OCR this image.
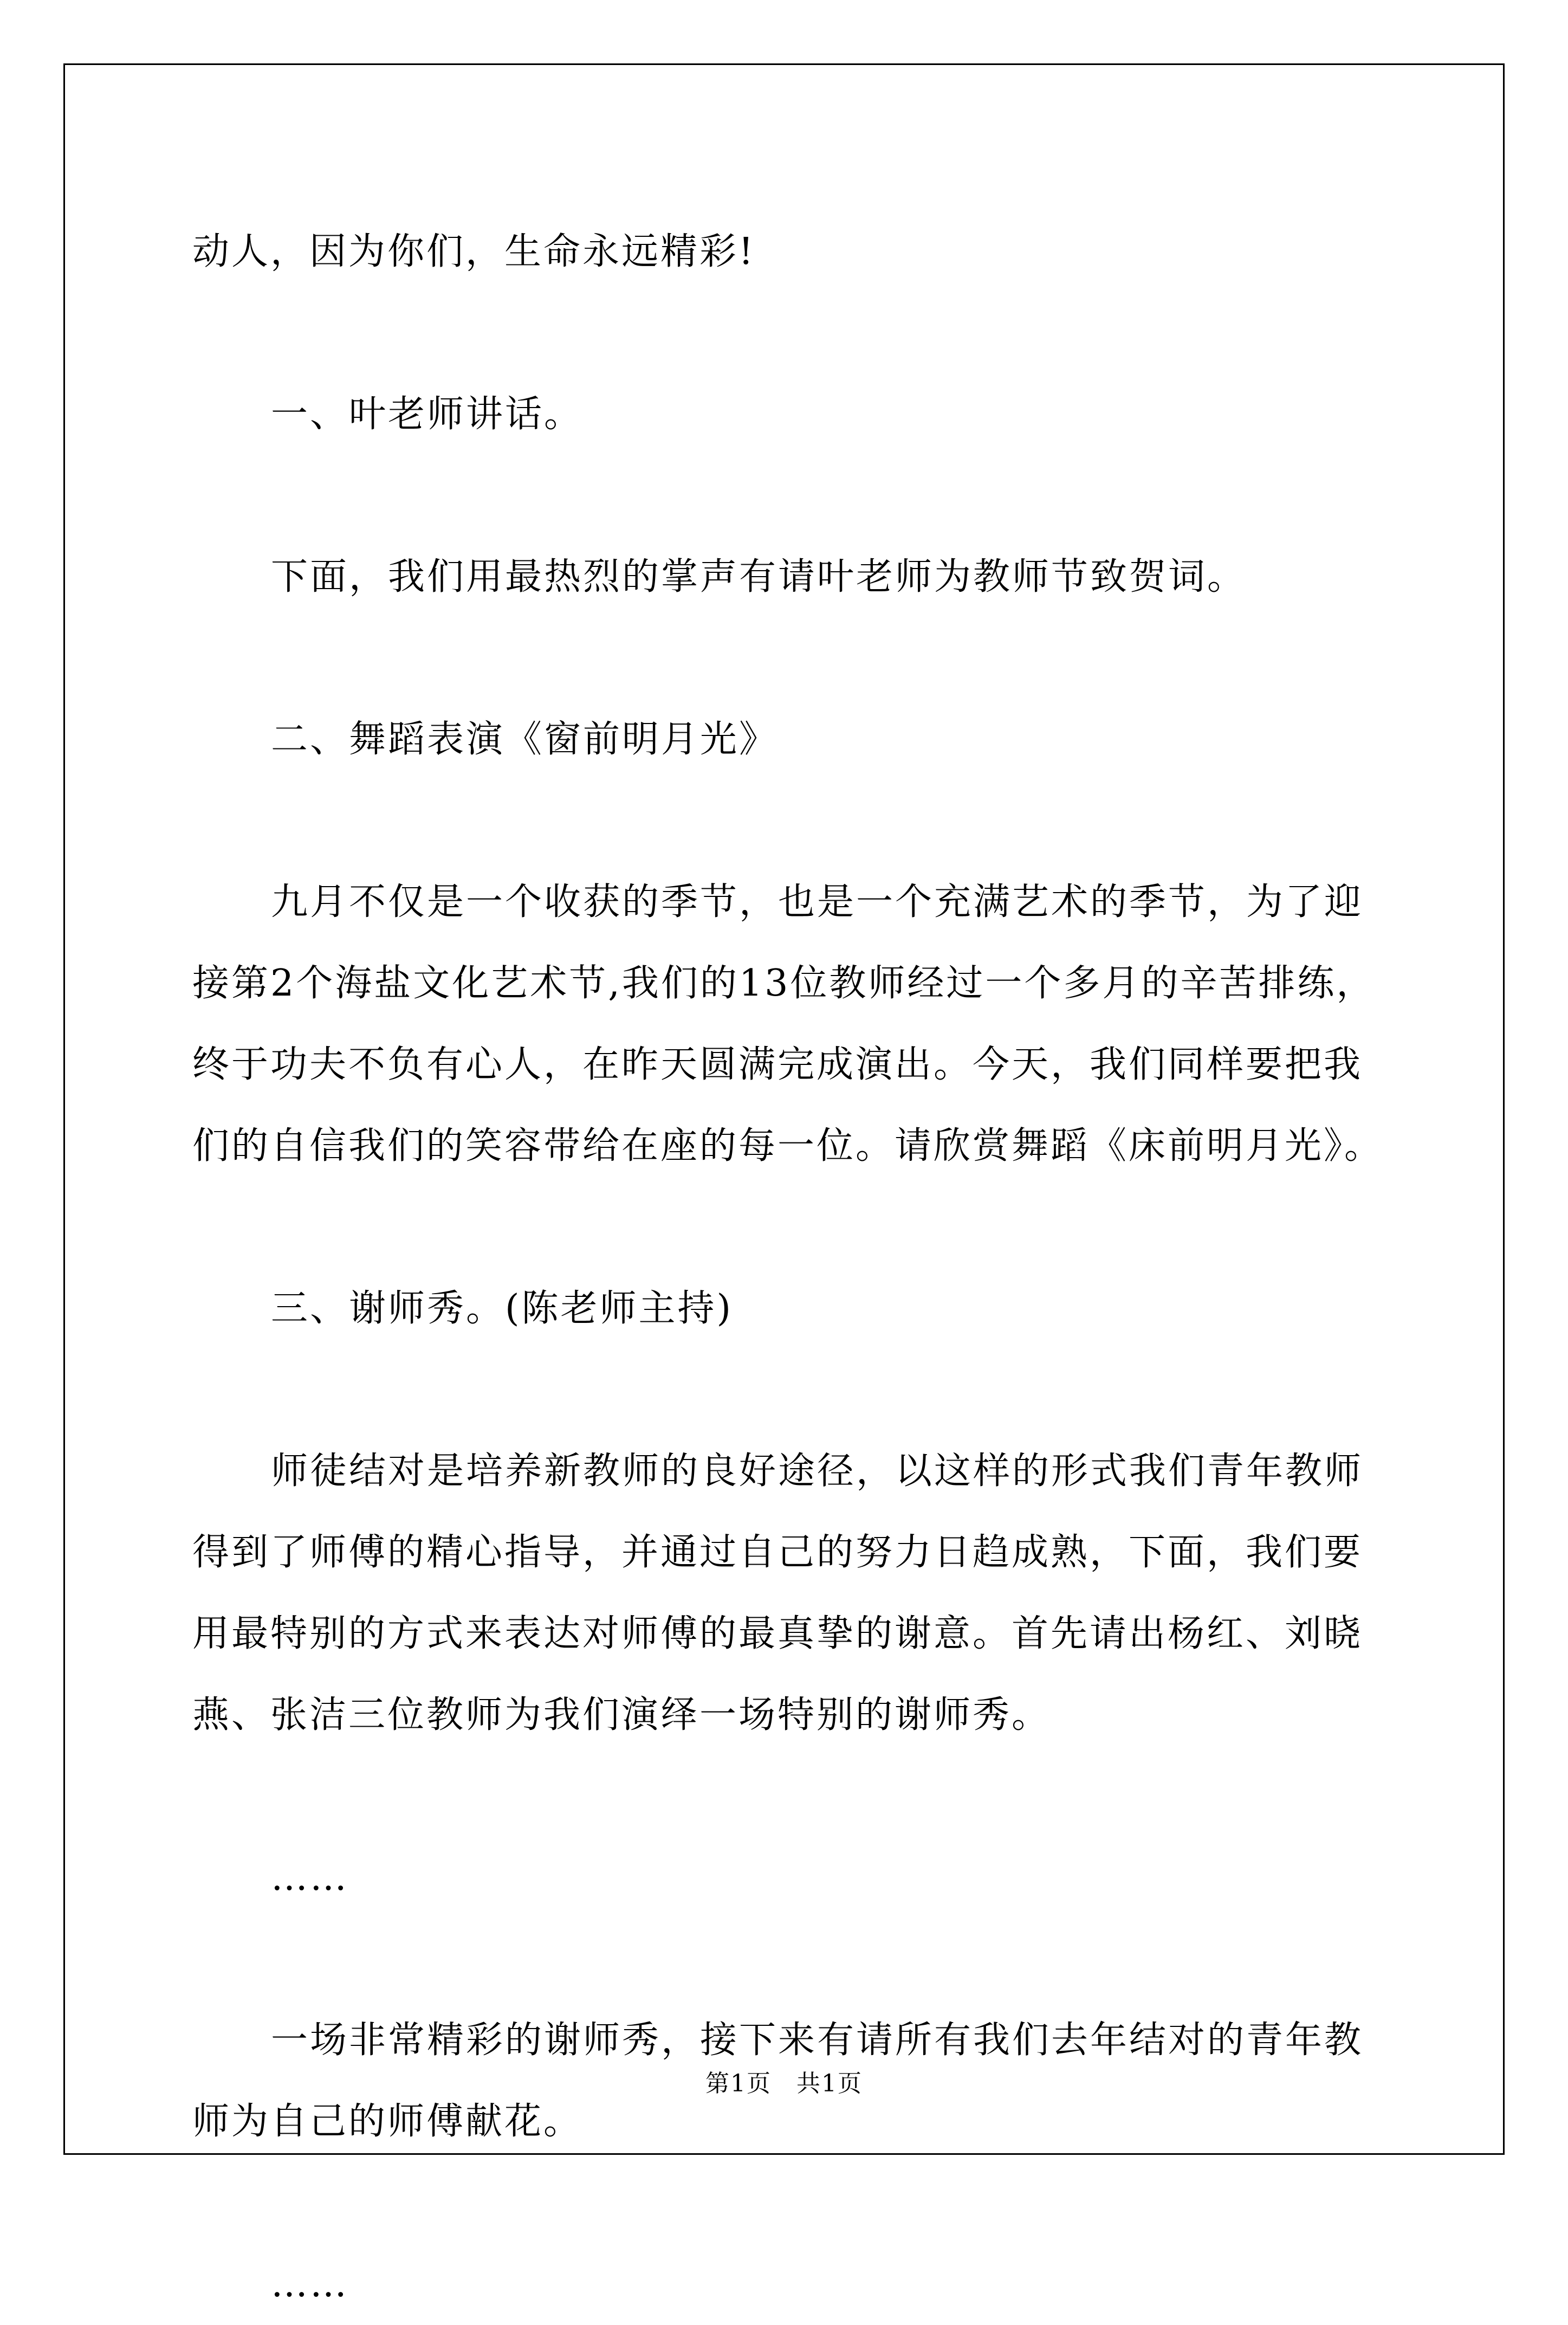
动人，因为你们，生命永远精彩!

一、叶老师讲话。

下面，我们用最热烈的掌声有请叶老师为教师节致贺词。

二、舞蹈表演《窗前明月光》

九月不仅是一个收获的季节，也是一个充满艺术的季节，为了迎接第2个海盐文化艺术节,我们的13位教师经过一个多月的辛苦排练，终于功夫不负有心人，在昨天圆满完成演出。今天，我们同样要把我们的自信我们的笑容带给在座的每一位。请欣赏舞蹈《床前明月光》。

三、谢师秀。(陈老师主持)

师徒结对是培养新教师的良好途径，以这样的形式我们青年教师得到了师傅的精心指导，并通过自己的努力日趋成熟，下面，我们要用最特别的方式来表达对师傅的最真挚的谢意。首先请出杨红、刘晓燕、张洁三位教师为我们演绎一场特别的谢师秀。

……

一场非常精彩的谢师秀，接下来有请所有我们去年结对的青年教师为自己的师傅献花。

……

第1页　共1页
